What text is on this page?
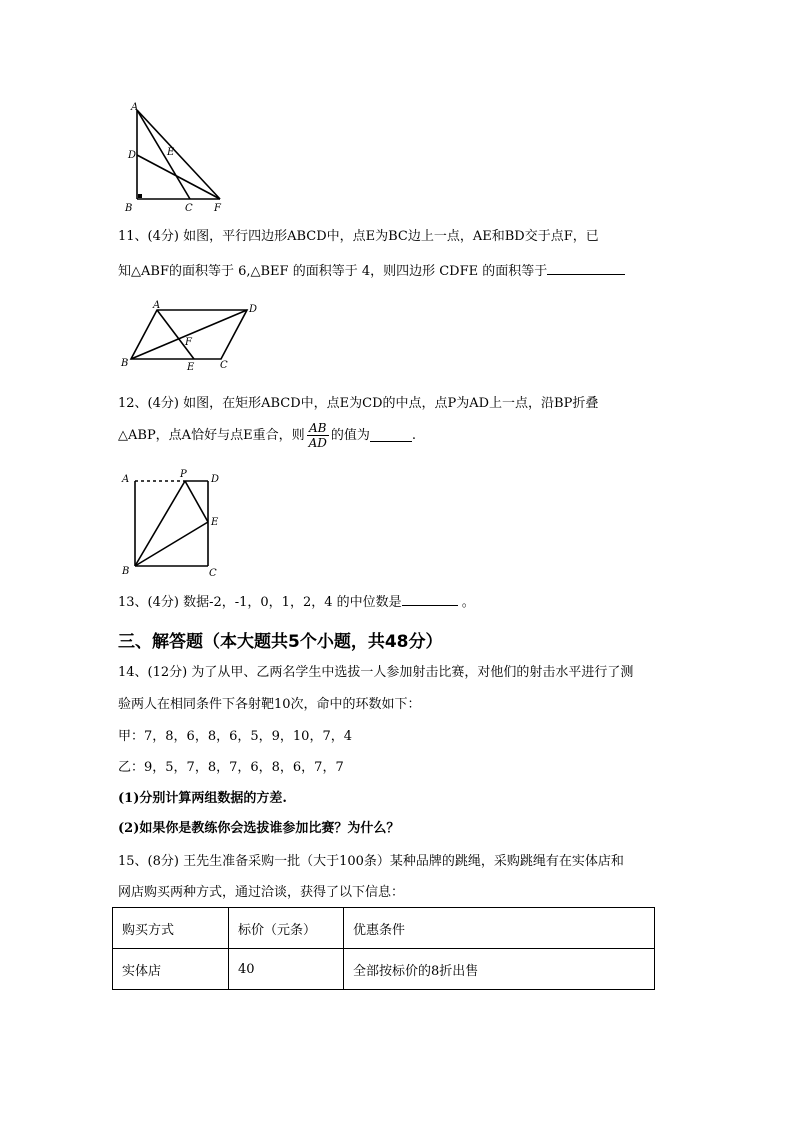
A
D	E
B	C F
11、(4分) 如图，平行四边形ABCD中，点E为BC边上一点，AE和BD交于点F，已
知△ABF的面积等于 6,△BEF 的面积等于 4，则四边形 CDFE 的面积等于
A	D
F
B	E	C
12、(4分) 如图，在矩形ABCD中，点E为CD的中点，点P为AD上一点，沿BP折叠
△ABP，点A恰好与点E重合，则 $\frac{AB}{AD}$ 的值为	.
A	P D
E
B	C
13、(4分) 数据-2，-1，0，1，2，4 的中位数是	。
三、解答题（本大题共5个小题，共48分）
14、(12分) 为了从甲、乙两名学生中选拔一人参加射击比赛，对他们的射击水平进行了测
验两人在相同条件下各射靶10次，命中的环数如下：
甲：7，8，6，8，6，5，9，10，7，4
乙：9，5，7，8，7，6，8，6，7，7
(1)分别计算两组数据的方差.
(2)如果你是教练你会选拔谁参加比赛？为什么？
15、(8分) 王先生准备采购一批（大于100条）某种品牌的跳绳，采购跳绳有在实体店和
网店购买两种方式，通过洽谈，获得了以下信息：
购买方式	标价（元条）	优惠条件
实体店	40	全部按标价的8折出售
